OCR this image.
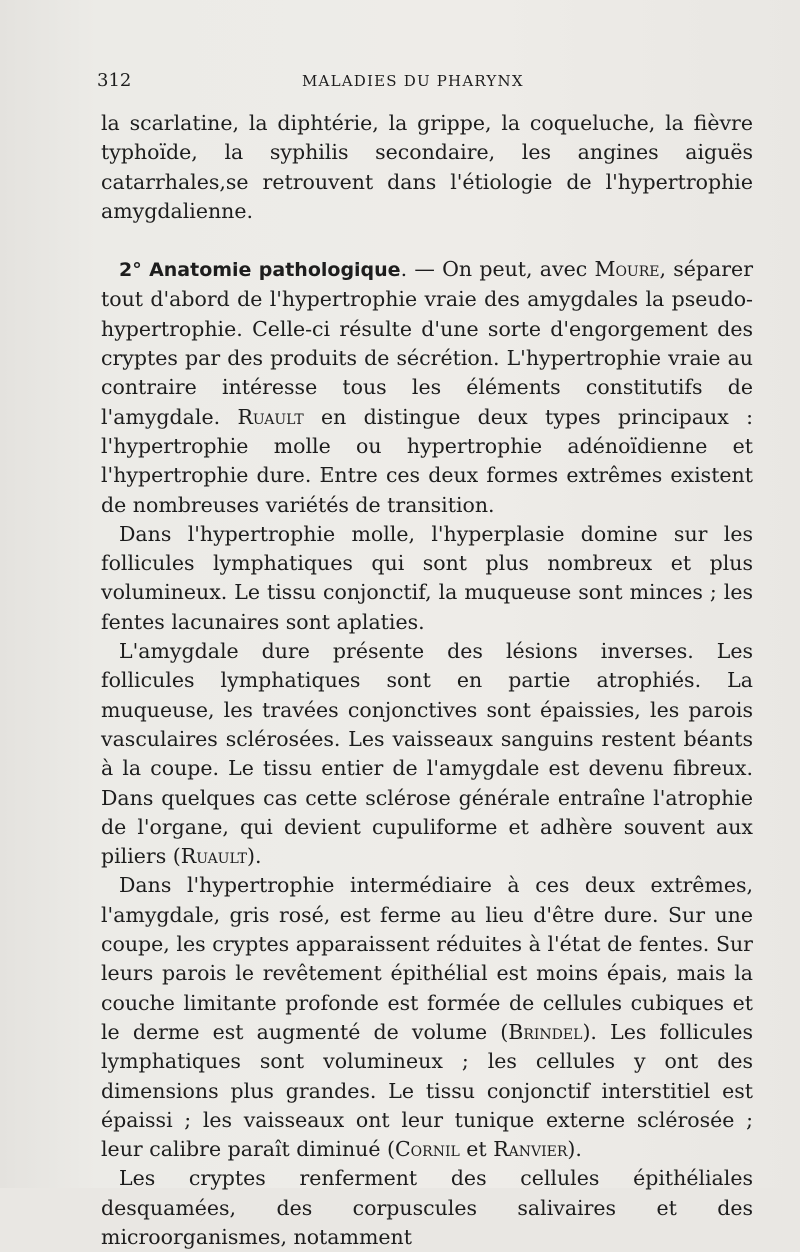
312	MALADIES DU PHARYNX

la scarlatine, la diphtérie, la grippe, la coqueluche, la fièvre typhoïde, la syphilis secondaire, les angines aiguës catarrhales,se retrouvent dans l'étiologie de l'hypertrophie amygdalienne.

2° Anatomie pathologique. — On peut, avec Moure, séparer tout d'abord de l'hypertrophie vraie des amygdales la pseudo-hypertrophie. Celle-ci résulte d'une sorte d'engorgement des cryptes par des produits de sécrétion. L'hypertrophie vraie au contraire intéresse tous les éléments constitutifs de l'amygdale. Ruault en distingue deux types principaux : l'hypertrophie molle ou hypertrophie adénoïdienne et l'hypertrophie dure. Entre ces deux formes extrêmes existent de nombreuses variétés de transition.

Dans l'hypertrophie molle, l'hyperplasie domine sur les follicules lymphatiques qui sont plus nombreux et plus volumineux. Le tissu conjonctif, la muqueuse sont minces ; les fentes lacunaires sont aplaties.

L'amygdale dure présente des lésions inverses. Les follicules lymphatiques sont en partie atrophiés. La muqueuse, les travées conjonctives sont épaissies, les parois vasculaires sclérosées. Les vaisseaux sanguins restent béants à la coupe. Le tissu entier de l'amygdale est devenu fibreux. Dans quelques cas cette sclérose générale entraîne l'atrophie de l'organe, qui devient cupuliforme et adhère souvent aux piliers (Ruault).

Dans l'hypertrophie intermédiaire à ces deux extrêmes, l'amygdale, gris rosé, est ferme au lieu d'être dure. Sur une coupe, les cryptes apparaissent réduites à l'état de fentes. Sur leurs parois le revêtement épithélial est moins épais, mais la couche limitante profonde est formée de cellules cubiques et le derme est augmenté de volume (Brindel). Les follicules lymphatiques sont volumineux ; les cellules y ont des dimensions plus grandes. Le tissu conjonctif interstitiel est épaissi ; les vaisseaux ont leur tunique externe sclérosée ; leur calibre paraît diminué (Cornil et Ranvier).

Les cryptes renferment des cellules épithéliales desquamées, des corpuscules salivaires et des microorganismes, notamment
